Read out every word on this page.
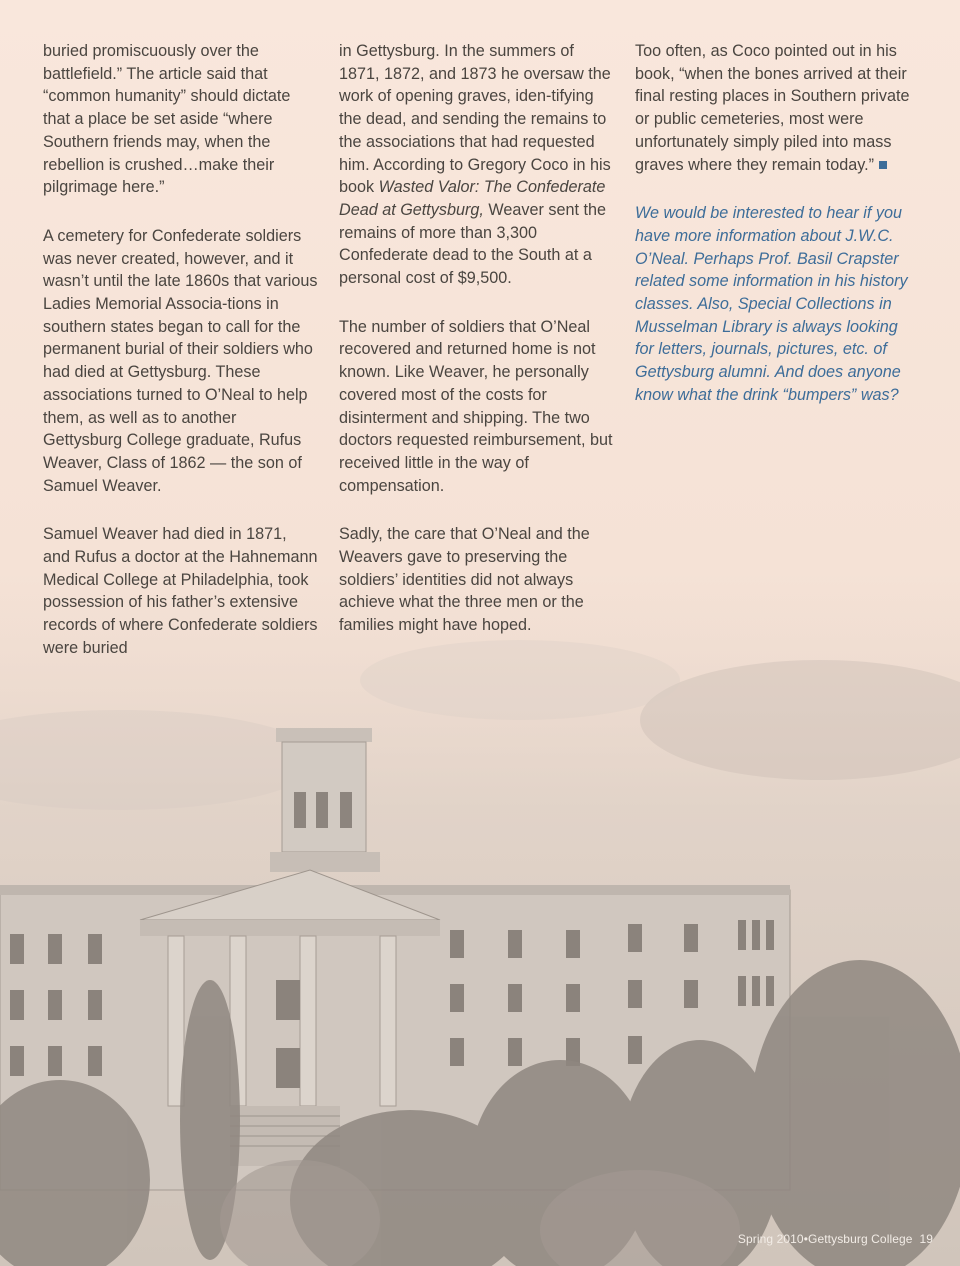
buried promiscuously over the battlefield.” The article said that “common humanity” should dictate that a place be set aside “where Southern friends may, when the rebellion is crushed…make their pilgrimage here.”

A cemetery for Confederate soldiers was never created, however, and it wasn’t until the late 1860s that various Ladies Memorial Associa-tions in southern states began to call for the permanent burial of their soldiers who had died at Gettysburg. These associations turned to O’Neal to help them, as well as to another Gettysburg College graduate, Rufus Weaver, Class of 1862 — the son of Samuel Weaver.

Samuel Weaver had died in 1871, and Rufus a doctor at the Hahnemann Medical College at Philadelphia, took possession of his father’s extensive records of where Confederate soldiers were buried

in Gettysburg. In the summers of 1871, 1872, and 1873 he oversaw the work of opening graves, iden-tifying the dead, and sending the remains to the associations that had requested him. According to Gregory Coco in his book Wasted Valor: The Confederate Dead at Gettysburg, Weaver sent the remains of more than 3,300 Confederate dead to the South at a personal cost of $9,500.

The number of soldiers that O’Neal recovered and returned home is not known. Like Weaver, he personally covered most of the costs for disinterment and shipping. The two doctors requested reimbursement, but received little in the way of compensation.

Sadly, the care that O’Neal and the Weavers gave to preserving the soldiers’ identities did not always achieve what the three men or the families might have hoped.

Too often, as Coco pointed out in his book, “when the bones arrived at their final resting places in Southern private or public cemeteries, most were unfortunately simply piled into mass graves where they remain today.”

We would be interested to hear if you have more information about J.W.C. O’Neal. Perhaps Prof. Basil Crapster related some information in his history classes. Also, Special Collections in Musselman Library is always looking for letters, journals, pictures, etc. of Gettysburg alumni. And does anyone know what the drink “bumpers” was?

Spring 2010•Gettysburg College 19
